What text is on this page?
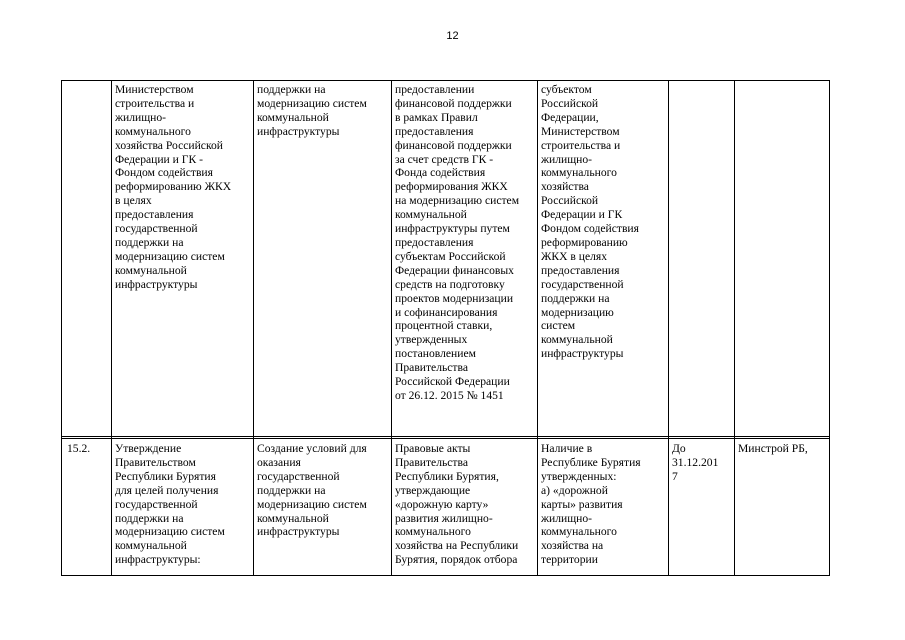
12
Министерством
строительства и
жилищно-
коммунального
хозяйства Российской
Федерации и ГК -
Фондом содействия
реформированию ЖКХ
в целях
предоставления
государственной
поддержки на
модернизацию систем
коммунальной
инфраструктуры
поддержки на
модернизацию систем
коммунальной
инфраструктуры
предоставлении
финансовой поддержки
в рамках Правил
предоставления
финансовой поддержки
за счет средств ГК -
Фонда содействия
реформирования ЖКХ
на модернизацию систем
коммунальной
инфраструктуры путем
предоставления
субъектам Российской
Федерации финансовых
средств на подготовку
проектов модернизации
и софинансирования
процентной ставки,
утвержденных
постановлением
Правительства
Российской Федерации
от 26.12. 2015 № 1451
субъектом
Российской
Федерации,
Министерством
строительства и
жилищно-
коммунального
хозяйства
Российской
Федерации и ГК
Фондом содействия
реформированию
ЖКХ в целях
предоставления
государственной
поддержки на
модернизацию
систем
коммунальной
инфраструктуры
15.2.	Утверждение
Правительством
Республики Бурятия
для целей получения
государственной
поддержки на
модернизацию систем
коммунальной
инфраструктуры:
Создание условий для
оказания
государственной
поддержки на
модернизацию систем
коммунальной
инфраструктуры
Правовые акты
Правительства
Республики Бурятия,
утверждающие
«дорожную карту»
развития жилищно-
коммунального
хозяйства на Республики
Бурятия, порядок отбора
Наличие в
Республике Бурятия
утвержденных:
а) «дорожной
карты» развития
жилищно-
коммунального
хозяйства на
территории
До
31.12.201
7
Минстрой РБ,
